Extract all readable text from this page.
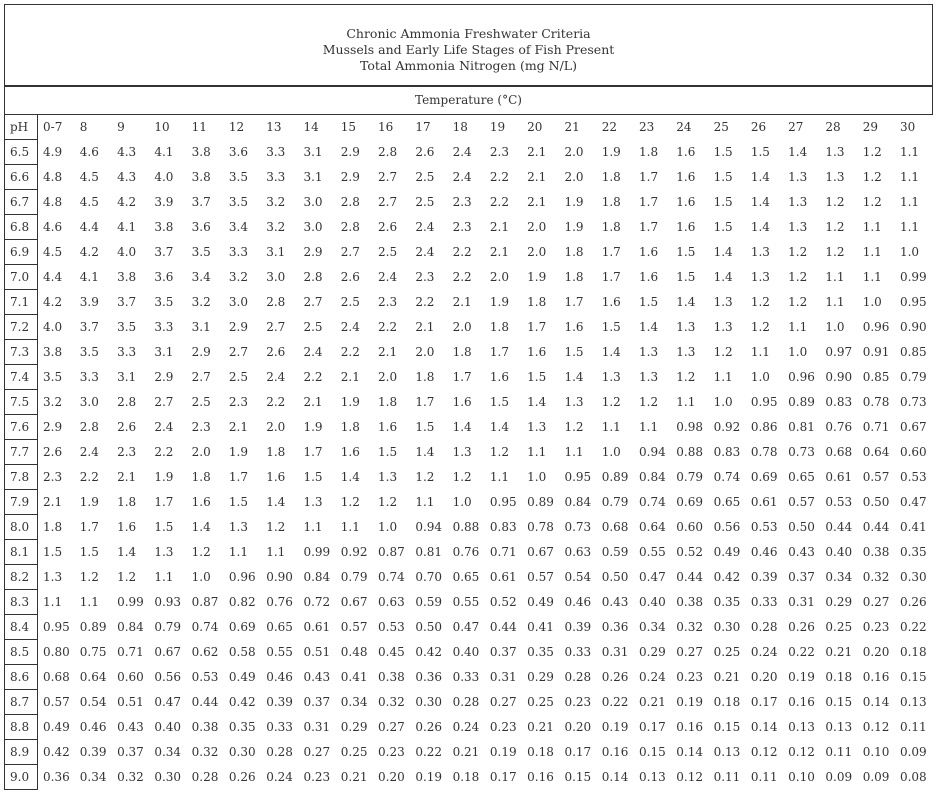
Chronic Ammonia Freshwater Criteria
Mussels and Early Life Stages of Fish Present
Total Ammonia Nitrogen (mg N/L)
Temperature (°C)
pH	0-7	8	9	10	11	12	13	14	15	16	17	18	19	20	21	22	23	24	25	26	27	28	29	30
6.5	4.9	4.6	4.3	4.1	3.8	3.6	3.3	3.1	2.9	2.8	2.6	2.4	2.3	2.1	2.0	1.9	1.8	1.6	1.5	1.5	1.4	1.3	1.2	1.1
6.6	4.8	4.5	4.3	4.0	3.8	3.5	3.3	3.1	2.9	2.7	2.5	2.4	2.2	2.1	2.0	1.8	1.7	1.6	1.5	1.4	1.3	1.3	1.2	1.1
6.7	4.8	4.5	4.2	3.9	3.7	3.5	3.2	3.0	2.8	2.7	2.5	2.3	2.2	2.1	1.9	1.8	1.7	1.6	1.5	1.4	1.3	1.2	1.2	1.1
6.8	4.6	4.4	4.1	3.8	3.6	3.4	3.2	3.0	2.8	2.6	2.4	2.3	2.1	2.0	1.9	1.8	1.7	1.6	1.5	1.4	1.3	1.2	1.1	1.1
6.9	4.5	4.2	4.0	3.7	3.5	3.3	3.1	2.9	2.7	2.5	2.4	2.2	2.1	2.0	1.8	1.7	1.6	1.5	1.4	1.3	1.2	1.2	1.1	1.0
7.0	4.4	4.1	3.8	3.6	3.4	3.2	3.0	2.8	2.6	2.4	2.3	2.2	2.0	1.9	1.8	1.7	1.6	1.5	1.4	1.3	1.2	1.1	1.1	0.99
7.1	4.2	3.9	3.7	3.5	3.2	3.0	2.8	2.7	2.5	2.3	2.2	2.1	1.9	1.8	1.7	1.6	1.5	1.4	1.3	1.2	1.2	1.1	1.0	0.95
7.2	4.0	3.7	3.5	3.3	3.1	2.9	2.7	2.5	2.4	2.2	2.1	2.0	1.8	1.7	1.6	1.5	1.4	1.3	1.3	1.2	1.1	1.0	0.96	0.90
7.3	3.8	3.5	3.3	3.1	2.9	2.7	2.6	2.4	2.2	2.1	2.0	1.8	1.7	1.6	1.5	1.4	1.3	1.3	1.2	1.1	1.0	0.97	0.91	0.85
7.4	3.5	3.3	3.1	2.9	2.7	2.5	2.4	2.2	2.1	2.0	1.8	1.7	1.6	1.5	1.4	1.3	1.3	1.2	1.1	1.0	0.96	0.90	0.85	0.79
7.5	3.2	3.0	2.8	2.7	2.5	2.3	2.2	2.1	1.9	1.8	1.7	1.6	1.5	1.4	1.3	1.2	1.2	1.1	1.0	0.95	0.89	0.83	0.78	0.73
7.6	2.9	2.8	2.6	2.4	2.3	2.1	2.0	1.9	1.8	1.6	1.5	1.4	1.4	1.3	1.2	1.1	1.1	0.98	0.92	0.86	0.81	0.76	0.71	0.67
7.7	2.6	2.4	2.3	2.2	2.0	1.9	1.8	1.7	1.6	1.5	1.4	1.3	1.2	1.1	1.1	1.0	0.94	0.88	0.83	0.78	0.73	0.68	0.64	0.60
7.8	2.3	2.2	2.1	1.9	1.8	1.7	1.6	1.5	1.4	1.3	1.2	1.2	1.1	1.0	0.95	0.89	0.84	0.79	0.74	0.69	0.65	0.61	0.57	0.53
7.9	2.1	1.9	1.8	1.7	1.6	1.5	1.4	1.3	1.2	1.2	1.1	1.0	0.95	0.89	0.84	0.79	0.74	0.69	0.65	0.61	0.57	0.53	0.50	0.47
8.0	1.8	1.7	1.6	1.5	1.4	1.3	1.2	1.1	1.1	1.0	0.94	0.88	0.83	0.78	0.73	0.68	0.64	0.60	0.56	0.53	0.50	0.44	0.44	0.41
8.1	1.5	1.5	1.4	1.3	1.2	1.1	1.1	0.99	0.92	0.87	0.81	0.76	0.71	0.67	0.63	0.59	0.55	0.52	0.49	0.46	0.43	0.40	0.38	0.35
8.2	1.3	1.2	1.2	1.1	1.0	0.96	0.90	0.84	0.79	0.74	0.70	0.65	0.61	0.57	0.54	0.50	0.47	0.44	0.42	0.39	0.37	0.34	0.32	0.30
8.3	1.1	1.1	0.99	0.93	0.87	0.82	0.76	0.72	0.67	0.63	0.59	0.55	0.52	0.49	0.46	0.43	0.40	0.38	0.35	0.33	0.31	0.29	0.27	0.26
8.4	0.95	0.89	0.84	0.79	0.74	0.69	0.65	0.61	0.57	0.53	0.50	0.47	0.44	0.41	0.39	0.36	0.34	0.32	0.30	0.28	0.26	0.25	0.23	0.22
8.5	0.80	0.75	0.71	0.67	0.62	0.58	0.55	0.51	0.48	0.45	0.42	0.40	0.37	0.35	0.33	0.31	0.29	0.27	0.25	0.24	0.22	0.21	0.20	0.18
8.6	0.68	0.64	0.60	0.56	0.53	0.49	0.46	0.43	0.41	0.38	0.36	0.33	0.31	0.29	0.28	0.26	0.24	0.23	0.21	0.20	0.19	0.18	0.16	0.15
8.7	0.57	0.54	0.51	0.47	0.44	0.42	0.39	0.37	0.34	0.32	0.30	0.28	0.27	0.25	0.23	0.22	0.21	0.19	0.18	0.17	0.16	0.15	0.14	0.13
8.8	0.49	0.46	0.43	0.40	0.38	0.35	0.33	0.31	0.29	0.27	0.26	0.24	0.23	0.21	0.20	0.19	0.17	0.16	0.15	0.14	0.13	0.13	0.12	0.11
8.9	0.42	0.39	0.37	0.34	0.32	0.30	0.28	0.27	0.25	0.23	0.22	0.21	0.19	0.18	0.17	0.16	0.15	0.14	0.13	0.12	0.12	0.11	0.10	0.09
9.0	0.36	0.34	0.32	0.30	0.28	0.26	0.24	0.23	0.21	0.20	0.19	0.18	0.17	0.16	0.15	0.14	0.13	0.12	0.11	0.11	0.10	0.09	0.09	0.08
